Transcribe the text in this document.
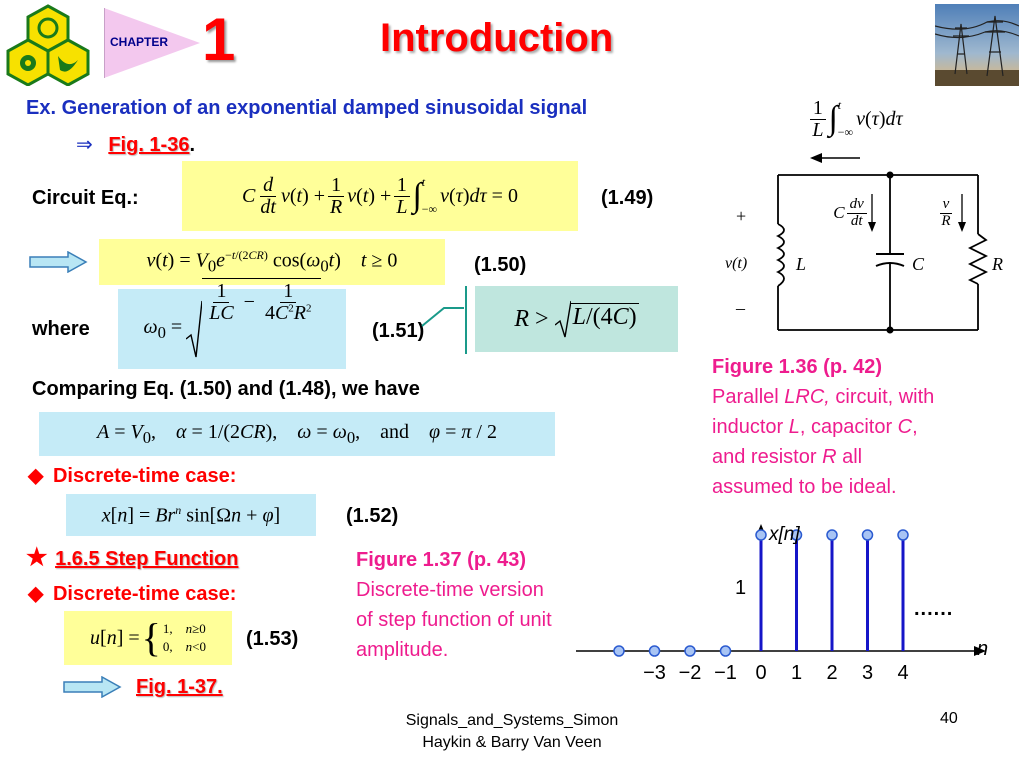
CHAPTER 1	Introduction
Ex. Generation of an exponential damped sinusoidal signal
⇒ Fig. 1-36.
Circuit Eq.:	C $\frac{d}{dt} v(t) + \frac{1}{R} v(t) + \frac{1}{L}$ ∫ t
−∞
v(τ)dτ = 0	(1.49)
$v(t) = V_0e^{-t/(2CR)}$ $\cos(\omega_0t)$    t ≥ 0	(1.50)
where	$\omega_0$ =
$\frac{1}{LC} - \frac{1}{4C^2R^2}$
(1.51)	R > L/(4C)
Comparing Eq. (1.50) and (1.48), we have
$A = V_0$,    α = 1/(2CR),    $\omega = \omega_0$,    and φ = π / 2
◆ Discrete-time case:
$x[n] = Br^n$ sin[Ωn + φ]	(1.52)
★ 1.6.5 Step Function
◆ Discrete-time case:
u[n] = { 1,    n≥0
0,    n<0 (1.53)
Fig. 1-37.
$\frac{1}{L}$ ∫ t
−∞
v(τ)dτ
+
v(t)
–
L	C	R
C $\frac{dv}{dt}$	$\frac{v}{R}$
Figure 1.36 (p. 42)
Parallel LRC, circuit, with
inductor L, capacitor C,
and resistor R all
assumed to be ideal.
Figure 1.37 (p. 43)
Discrete-time version
of step function of unit
amplitude.
x[n]
n
1
......
−3 −2 −1 0	1	2	3	4
Signals_and_Systems_Simon
Haykin & Barry Van Veen
40
